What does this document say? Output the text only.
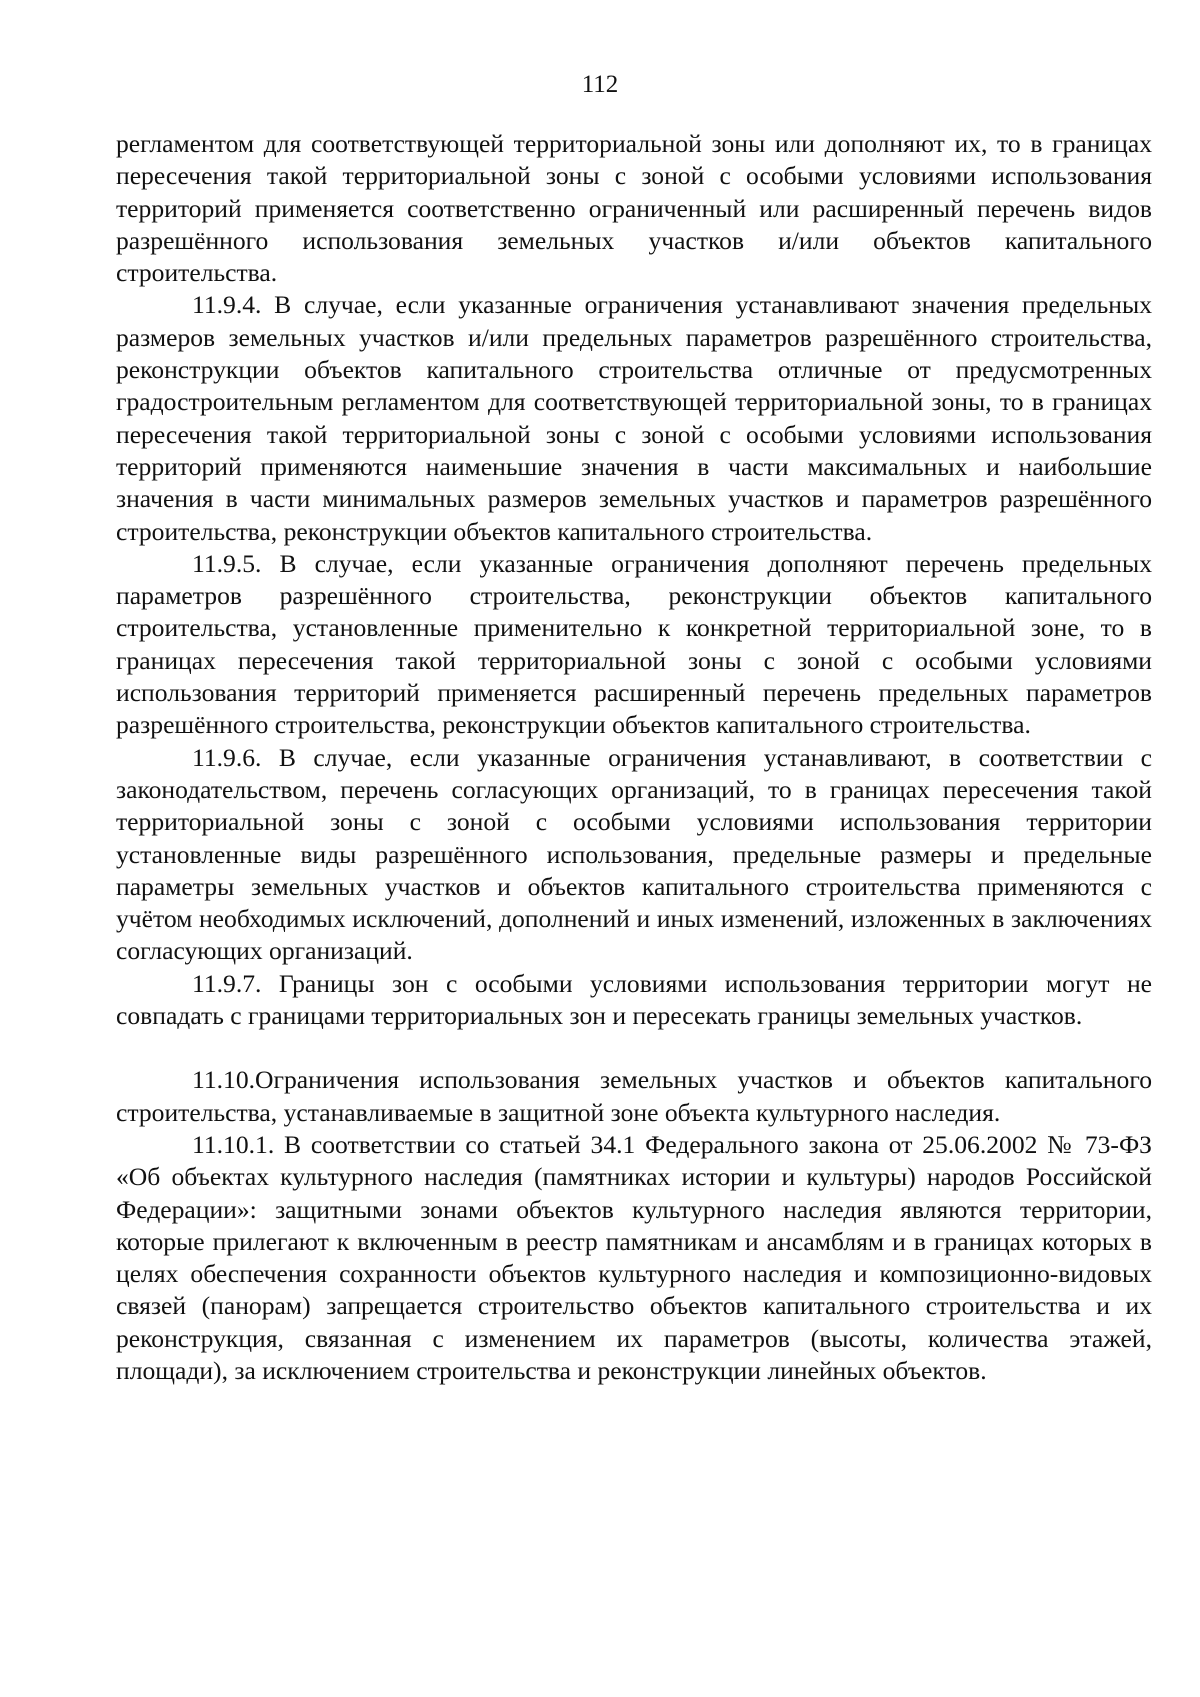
112

регламентом для соответствующей территориальной зоны или дополняют их, то в границах пересечения такой территориальной зоны с зоной с особыми условиями использования территорий применяется соответственно ограниченный или расширенный перечень видов разрешённого использования земельных участков и/или объектов капитального строительства.

11.9.4. В случае, если указанные ограничения устанавливают значения предельных размеров земельных участков и/или предельных параметров разрешённого строительства, реконструкции объектов капитального строительства отличные от предусмотренных градостроительным регламентом для соответствующей территориальной зоны, то в границах пересечения такой территориальной зоны с зоной с особыми условиями использования территорий применяются наименьшие значения в части максимальных и наибольшие значения в части минимальных размеров земельных участков и параметров разрешённого строительства, реконструкции объектов капитального строительства.

11.9.5. В случае, если указанные ограничения дополняют перечень предельных параметров разрешённого строительства, реконструкции объектов капитального строительства, установленные применительно к конкретной территориальной зоне, то в границах пересечения такой территориальной зоны с зоной с особыми условиями использования территорий применяется расширенный перечень предельных параметров разрешённого строительства, реконструкции объектов капитального строительства.

11.9.6. В случае, если указанные ограничения устанавливают, в соответствии с законодательством, перечень согласующих организаций, то в границах пересечения такой территориальной зоны с зоной с особыми условиями использования территории установленные виды разрешённого использования, предельные размеры и предельные параметры земельных участков и объектов капитального строительства применяются с учётом необходимых исключений, дополнений и иных изменений, изложенных в заключениях согласующих организаций.

11.9.7. Границы зон с особыми условиями использования территории могут не совпадать с границами территориальных зон и пересекать границы земельных участков.

11.10.Ограничения использования земельных участков и объектов капитального строительства, устанавливаемые в защитной зоне объекта культурного наследия.

11.10.1. В соответствии со статьей 34.1 Федерального закона от 25.06.2002 № 73-ФЗ «Об объектах культурного наследия (памятниках истории и культуры) народов Российской Федерации»: защитными зонами объектов культурного наследия являются территории, которые прилегают к включенным в реестр памятникам и ансамблям и в границах которых в целях обеспечения сохранности объектов культурного наследия и композиционно-видовых связей (панорам) запрещается строительство объектов капитального строительства и их реконструкция, связанная с изменением их параметров (высоты, количества этажей, площади), за исключением строительства и реконструкции линейных объектов.
